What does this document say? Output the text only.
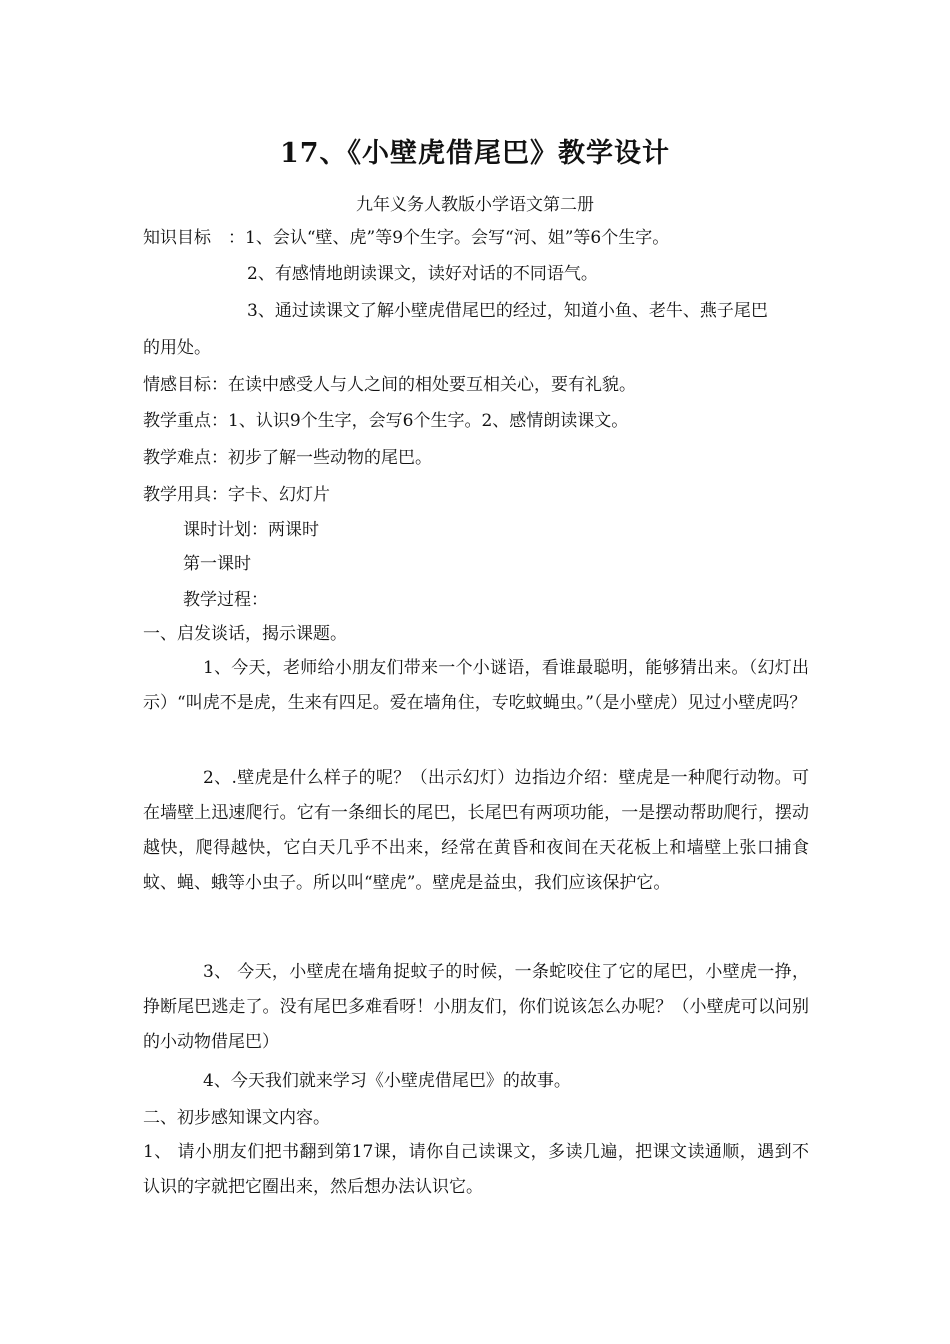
17、《小壁虎借尾巴》教学设计
九年义务人教版小学语文第二册
知识目标　：1、会认“壁、虎”等9个生字。会写“河、姐”等6个生字。
2、有感情地朗读课文，读好对话的不同语气。
3、通过读课文了解小壁虎借尾巴的经过，知道小鱼、老牛、燕子尾巴
的用处。
情感目标：在读中感受人与人之间的相处要互相关心，要有礼貌。
教学重点：1、认识9个生字，会写6个生字。2、感情朗读课文。
教学难点：初步了解一些动物的尾巴。
教学用具：字卡、幻灯片
课时计划：两课时
第一课时
教学过程：
一、启发谈话，揭示课题。
1、今天，老师给小朋友们带来一个小谜语，看谁最聪明，能够猜出来。（幻灯出示）“叫虎不是虎，生来有四足。爱在墙角住，专吃蚊蝇虫。”（是小壁虎）见过小壁虎吗？
2、.壁虎是什么样子的呢？（出示幻灯）边指边介绍：壁虎是一种爬行动物。可在墙壁上迅速爬行。它有一条细长的尾巴，长尾巴有两项功能，一是摆动帮助爬行，摆动越快，爬得越快，它白天几乎不出来，经常在黄昏和夜间在天花板上和墙壁上张口捕食蚊、蝇、蛾等小虫子。所以叫“壁虎”。壁虎是益虫，我们应该保护它。
3、 今天，小壁虎在墙角捉蚊子的时候，一条蛇咬住了它的尾巴，小壁虎一挣，挣断尾巴逃走了。没有尾巴多难看呀！小朋友们，你们说该怎么办呢？（小壁虎可以问别的小动物借尾巴）
4、今天我们就来学习《小壁虎借尾巴》的故事。
二、初步感知课文内容。
1、 请小朋友们把书翻到第17课，请你自己读课文，多读几遍，把课文读通顺，遇到不认识的字就把它圈出来，然后想办法认识它。
